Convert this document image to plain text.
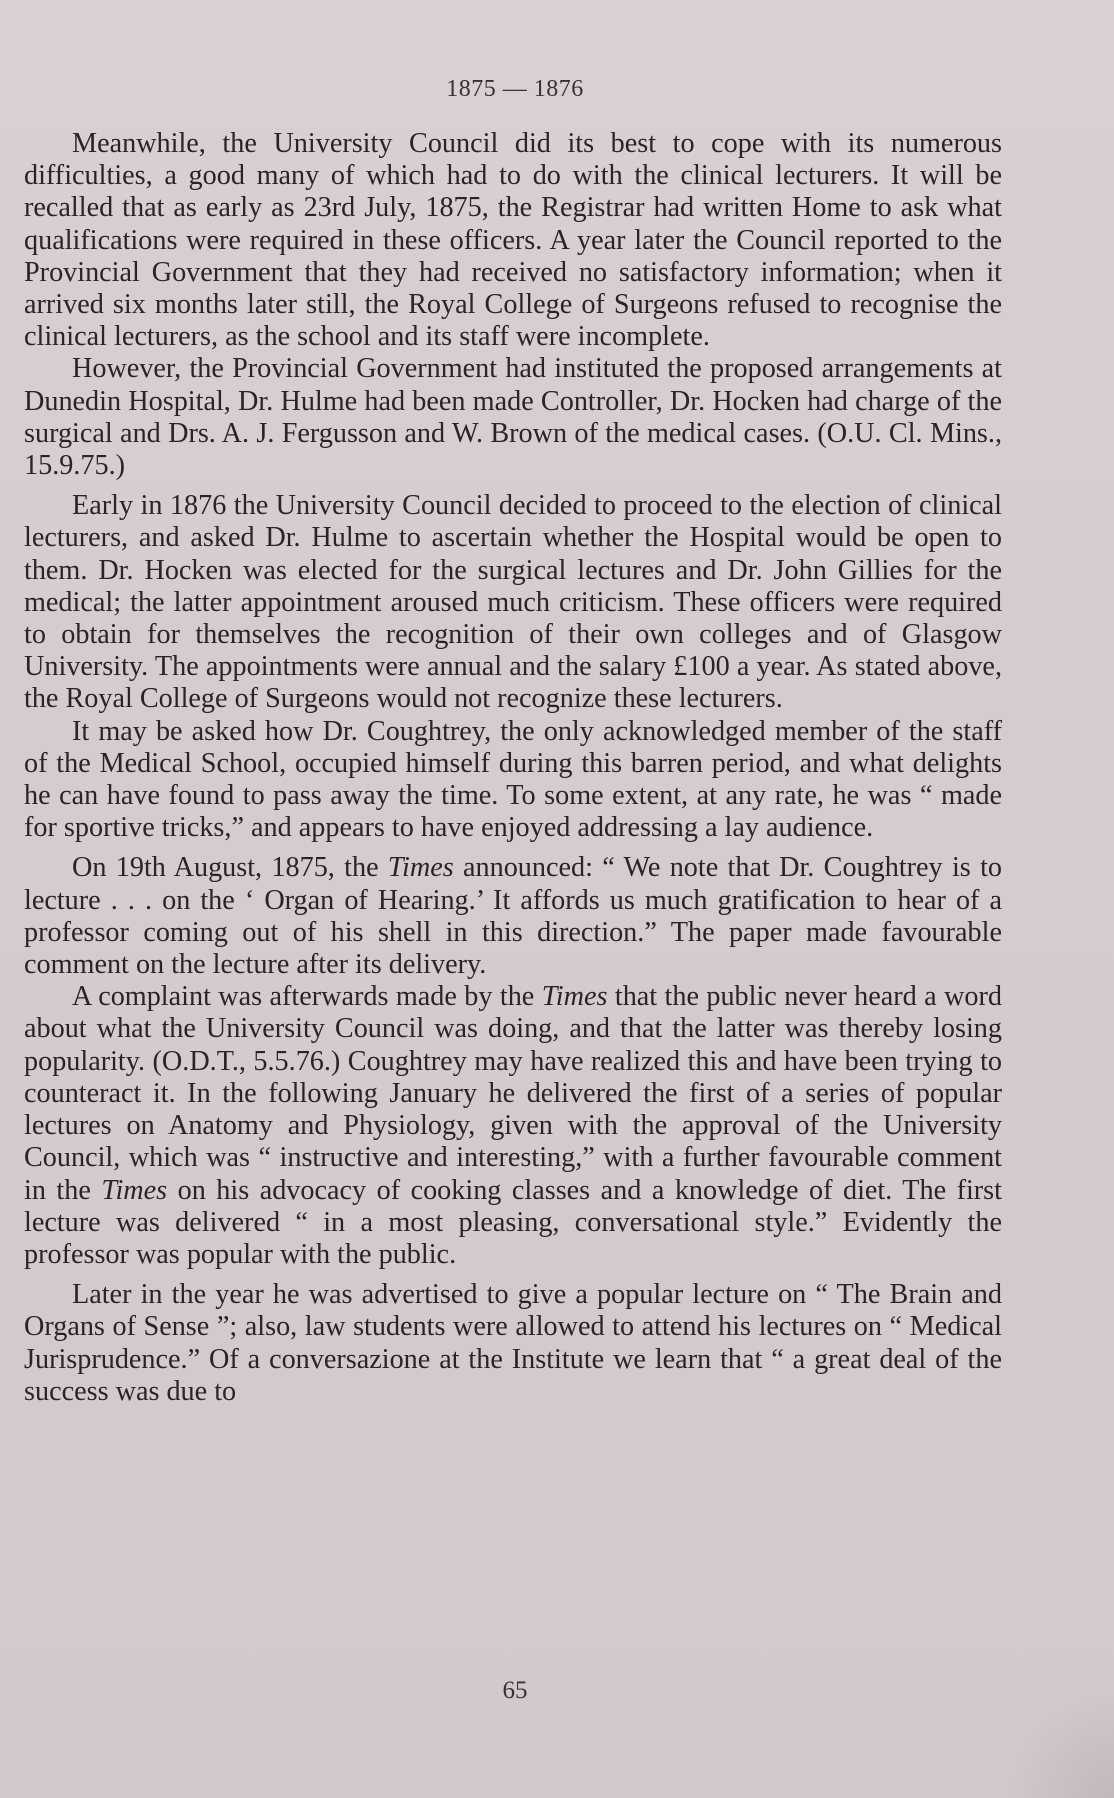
1875 — 1876

Meanwhile, the University Council did its best to cope with its numerous difficulties, a good many of which had to do with the clinical lecturers. It will be recalled that as early as 23rd July, 1875, the Registrar had written Home to ask what qualifications were required in these officers. A year later the Council reported to the Provincial Government that they had received no satisfactory information; when it arrived six months later still, the Royal College of Surgeons refused to recognise the clinical lecturers, as the school and its staff were incomplete.

However, the Provincial Government had instituted the proposed arrangements at Dunedin Hospital, Dr. Hulme had been made Controller, Dr. Hocken had charge of the surgical and Drs. A. J. Fergusson and W. Brown of the medical cases. (O.U. Cl. Mins., 15.9.75.)

Early in 1876 the University Council decided to proceed to the election of clinical lecturers, and asked Dr. Hulme to ascertain whether the Hospital would be open to them. Dr. Hocken was elected for the surgical lectures and Dr. John Gillies for the medical; the latter appointment aroused much criticism. These officers were required to obtain for themselves the recognition of their own colleges and of Glasgow University. The appointments were annual and the salary £100 a year. As stated above, the Royal College of Surgeons would not recognize these lecturers.

It may be asked how Dr. Coughtrey, the only acknowledged member of the staff of the Medical School, occupied himself during this barren period, and what delights he can have found to pass away the time. To some extent, at any rate, he was “ made for sportive tricks,” and appears to have enjoyed addressing a lay audience.

On 19th August, 1875, the Times announced: “ We note that Dr. Coughtrey is to lecture . . . on the ‘ Organ of Hearing.’ It affords us much gratification to hear of a professor coming out of his shell in this direction.” The paper made favourable comment on the lecture after its delivery.

A complaint was afterwards made by the Times that the public never heard a word about what the University Council was doing, and that the latter was thereby losing popularity. (O.D.T., 5.5.76.) Coughtrey may have realized this and have been trying to counteract it. In the following January he delivered the first of a series of popular lectures on Anatomy and Physiology, given with the approval of the University Council, which was “ instructive and interesting,” with a further favourable comment in the Times on his advocacy of cooking classes and a knowledge of diet. The first lecture was delivered “ in a most pleasing, conversational style.” Evidently the professor was popular with the public.

Later in the year he was advertised to give a popular lecture on “ The Brain and Organs of Sense ”; also, law students were allowed to attend his lectures on “ Medical Jurisprudence.” Of a conversazione at the Institute we learn that “ a great deal of the success was due to

65
